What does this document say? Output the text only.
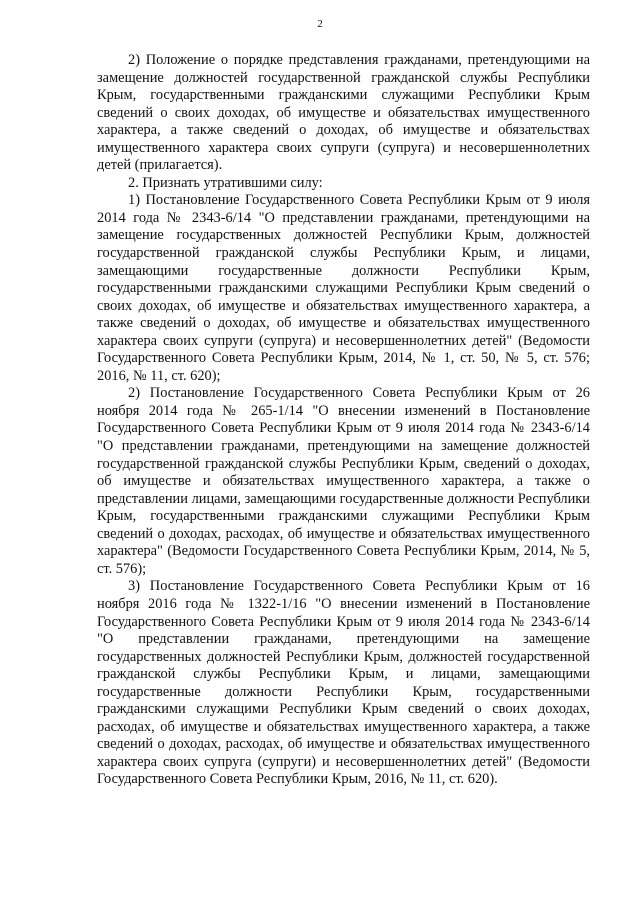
2

2) Положение о порядке представления гражданами, претендующими на замещение должностей государственной гражданской службы Республики Крым, государственными гражданскими служащими Республики Крым сведений о своих доходах, об имуществе и обязательствах имущественного характера, а также сведений о доходах, об имуществе и обязательствах имущественного характера своих супруги (супруга) и несовершеннолетних детей (прилагается).

2. Признать утратившими силу:

1) Постановление Государственного Совета Республики Крым от 9 июля 2014 года № 2343-6/14 "О представлении гражданами, претендующими на замещение государственных должностей Республики Крым, должностей государственной гражданской службы Республики Крым, и лицами, замещающими государственные должности Республики Крым, государственными гражданскими служащими Республики Крым сведений о своих доходах, об имуществе и обязательствах имущественного характера, а также сведений о доходах, об имуществе и обязательствах имущественного характера своих супруги (супруга) и несовершеннолетних детей" (Ведомости Государственного Совета Республики Крым, 2014, № 1, ст. 50, № 5, ст. 576; 2016, № 11, ст. 620);

2) Постановление Государственного Совета Республики Крым от 26 ноября 2014 года № 265-1/14 "О внесении изменений в Постановление Государственного Совета Республики Крым от 9 июля 2014 года № 2343-6/14 "О представлении гражданами, претендующими на замещение должностей государственной гражданской службы Республики Крым, сведений о доходах, об имуществе и обязательствах имущественного характера, а также о представлении лицами, замещающими государственные должности Республики Крым, государственными гражданскими служащими Республики Крым сведений о доходах, расходах, об имуществе и обязательствах имущественного характера" (Ведомости Государственного Совета Республики Крым, 2014, № 5, ст. 576);

3) Постановление Государственного Совета Республики Крым от 16 ноября 2016 года № 1322-1/16 "О внесении изменений в Постановление Государственного Совета Республики Крым от 9 июля 2014 года № 2343-6/14 "О представлении гражданами, претендующими на замещение государственных должностей Республики Крым, должностей государственной гражданской службы Республики Крым, и лицами, замещающими государственные должности Республики Крым, государственными гражданскими служащими Республики Крым сведений о своих доходах, расходах, об имуществе и обязательствах имущественного характера, а также сведений о доходах, расходах, об имуществе и обязательствах имущественного характера своих супруга (супруги) и несовершеннолетних детей" (Ведомости Государственного Совета Республики Крым, 2016, № 11, ст. 620).
